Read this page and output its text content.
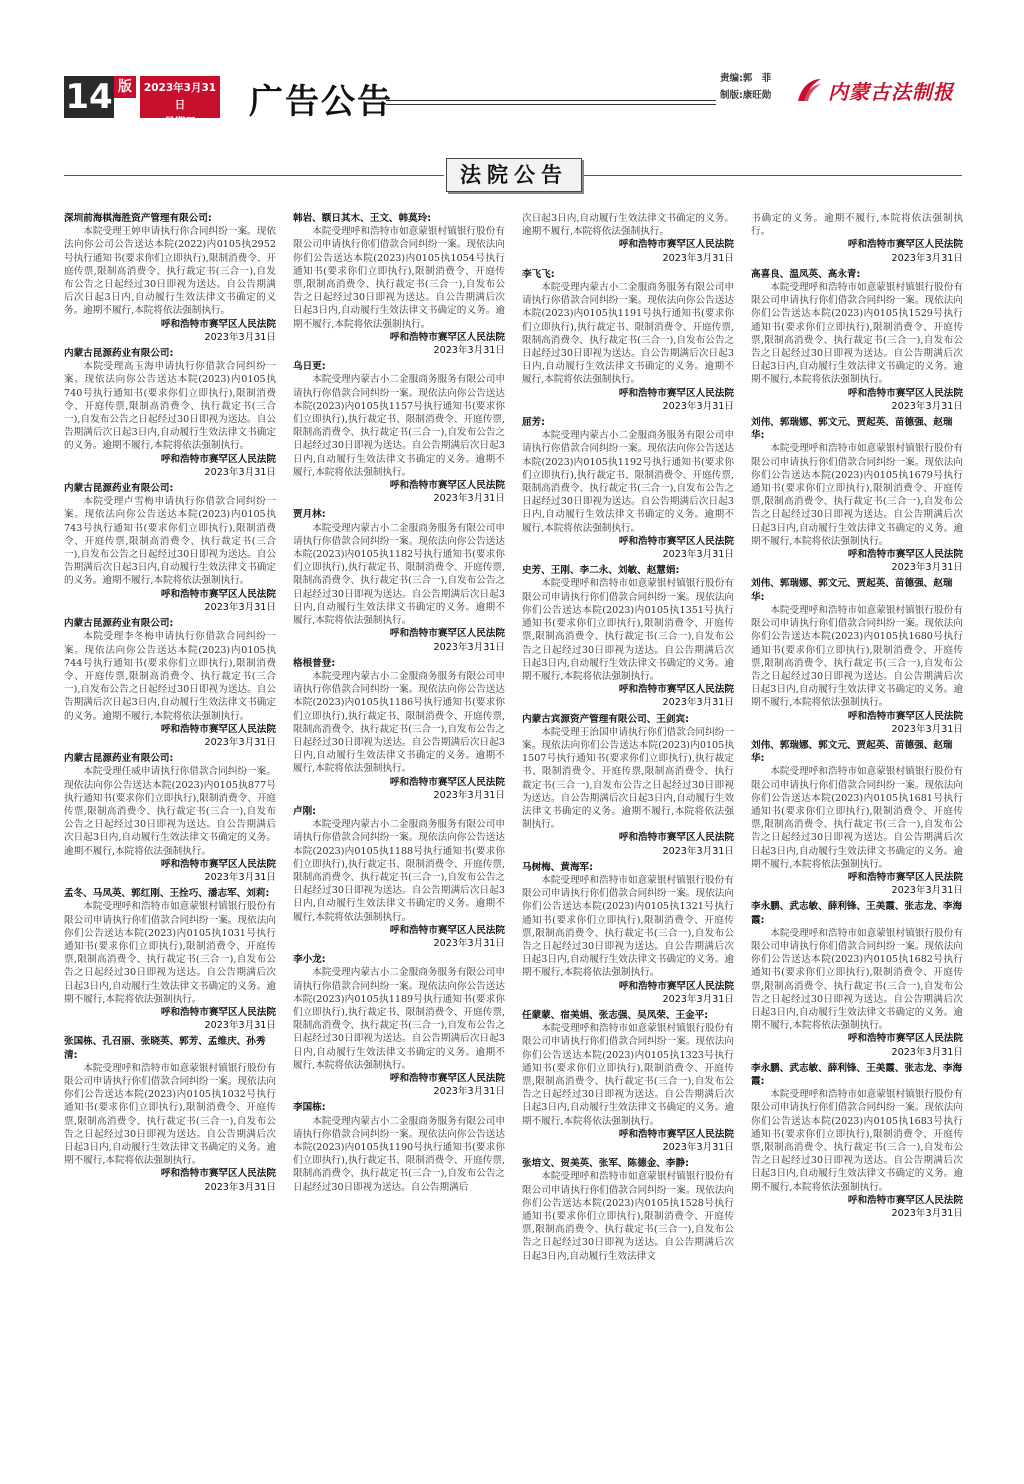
14 版	2023年3月31日
星期五	广告公告
责编:郭　菲
制版:康旺勋	内蒙古法制报
法院公告
深圳前海棋海胜资产管理有限公司:

本院受理王婷申请执行你合同纠纷一案。现依法向你公司公告送达本院(2022)内0105执2952号执行通知书(要求你们立即执行),限制消费令、开庭传票,限制高消费令、执行裁定书(三合一),自发布公告之日起经过30日即视为送达。自公告期满后次日起3日内,自动履行生效法律文书确定的义务。逾期不履行,本院将依法强制执行。

呼和浩特市赛罕区人民法院
2023年3月31日
内蒙古昆源药业有限公司:

本院受理高玉海申请执行你借款合同纠纷一案。现依法向你公告送达本院(2023)内0105执740号执行通知书(要求你们立即执行),限制消费令、开庭传票,限制高消费令、执行裁定书(三合一),自发布公告之日起经过30日即视为送达。自公告期满后次日起3日内,自动履行生效法律文书确定的义务。逾期不履行,本院将依法强制执行。

呼和浩特市赛罕区人民法院
2023年3月31日
内蒙古昆源药业有限公司:

本院受理卢雪梅申请执行你借款合同纠纷一案。现依法向你公告送达本院(2023)内0105执743号执行通知书(要求你们立即执行),限制消费令、开庭传票,限制高消费令、执行裁定书(三合一),自发布公告之日起经过30日即视为送达。自公告期满后次日起3日内,自动履行生效法律文书确定的义务。逾期不履行,本院将依法强制执行。

呼和浩特市赛罕区人民法院
2023年3月31日
内蒙古昆源药业有限公司:

本院受理李冬梅申请执行你借款合同纠纷一案。现依法向你公告送达本院(2023)内0105执744号执行通知书(要求你们立即执行),限制消费令、开庭传票,限制高消费令、执行裁定书(三合一),自发布公告之日起经过30日即视为送达。自公告期满后次日起3日内,自动履行生效法律文书确定的义务。逾期不履行,本院将依法强制执行。

呼和浩特市赛罕区人民法院
2023年3月31日
内蒙古昆源药业有限公司:

本院受理任威申请执行你借款合同纠纷一案。现依法向你公告送达本院(2023)内0105执877号执行通知书(要求你们立即执行),限制消费令、开庭传票,限制高消费令、执行裁定书(三合一),自发布公告之日起经过30日即视为送达。自公告期满后次日起3日内,自动履行生效法律文书确定的义务。逾期不履行,本院将依法强制执行。

呼和浩特市赛罕区人民法院
2023年3月31日
孟冬、马凤英、郭红刚、王拴巧、潘志军、刘莉:

本院受理呼和浩特市如意蒙银村镇银行股份有限公司申请执行你们借款合同纠纷一案。现依法向你们公告送达本院(2023)内0105执1031号执行通知书(要求你们立即执行),限制消费令、开庭传票,限制高消费令、执行裁定书(三合一),自发布公告之日起经过30日即视为送达。自公告期满后次日起3日内,自动履行生效法律文书确定的义务。逾期不履行,本院将依法强制执行。

呼和浩特市赛罕区人民法院
2023年3月31日
张国栋、孔召丽、张晓英、郭芳、孟维庆、孙秀清:

本院受理呼和浩特市如意蒙银村镇银行股份有限公司申请执行你们借款合同纠纷一案。现依法向你们公告送达本院(2023)内0105执1032号执行通知书(要求你们立即执行),限制消费令、开庭传票,限制高消费令、执行裁定书(三合一),自发布公告之日起经过30日即视为送达。自公告期满后次日起3日内,自动履行生效法律文书确定的义务。逾期不履行,本院将依法强制执行。

呼和浩特市赛罕区人民法院
2023年3月31日
韩岩、额日其木、王文、韩莫玲:

本院受理呼和浩特市如意蒙银村镇银行股份有限公司申请执行你们借款合同纠纷一案。现依法向你们公告送达本院(2023)内0105执1054号执行通知书(要求你们立即执行),限制消费令、开庭传票,限制高消费令、执行裁定书(三合一),自发布公告之日起经过30日即视为送达。自公告期满后次日起3日内,自动履行生效法律文书确定的义务。逾期不履行,本院将依法强制执行。

呼和浩特市赛罕区人民法院
2023年3月31日
乌日更:

本院受理内蒙古小二金服商务服务有限公司申请执行你借款合同纠纷一案。现依法向你公告送达本院(2023)内0105执1157号执行通知书(要求你们立即执行),执行裁定书、限制消费令、开庭传票,限制高消费令、执行裁定书(三合一),自发布公告之日起经过30日即视为送达。自公告期满后次日起3日内,自动履行生效法律文书确定的义务。逾期不履行,本院将依法强制执行。

呼和浩特市赛罕区人民法院
2023年3月31日
贾月林:

本院受理内蒙古小二金服商务服务有限公司申请执行你借款合同纠纷一案。现依法向你公告送达本院(2023)内0105执1182号执行通知书(要求你们立即执行),执行裁定书、限制消费令、开庭传票,限制高消费令、执行裁定书(三合一),自发布公告之日起经过30日即视为送达。自公告期满后次日起3日内,自动履行生效法律文书确定的义务。逾期不履行,本院将依法强制执行。

呼和浩特市赛罕区人民法院
2023年3月31日
格根普登:

本院受理内蒙古小二金服商务服务有限公司申请执行你借款合同纠纷一案。现依法向你公告送达本院(2023)内0105执1186号执行通知书(要求你们立即执行),执行裁定书、限制消费令、开庭传票,限制高消费令、执行裁定书(三合一),自发布公告之日起经过30日即视为送达。自公告期满后次日起3日内,自动履行生效法律文书确定的义务。逾期不履行,本院将依法强制执行。

呼和浩特市赛罕区人民法院
2023年3月31日
卢刚:

本院受理内蒙古小二金服商务服务有限公司申请执行你借款合同纠纷一案。现依法向你公告送达本院(2023)内0105执1188号执行通知书(要求你们立即执行),执行裁定书、限制消费令、开庭传票,限制高消费令、执行裁定书(三合一),自发布公告之日起经过30日即视为送达。自公告期满后次日起3日内,自动履行生效法律文书确定的义务。逾期不履行,本院将依法强制执行。

呼和浩特市赛罕区人民法院
2023年3月31日
李小龙:

本院受理内蒙古小二金服商务服务有限公司申请执行你借款合同纠纷一案。现依法向你公告送达本院(2023)内0105执1189号执行通知书(要求你们立即执行),执行裁定书、限制消费令、开庭传票,限制高消费令、执行裁定书(三合一),自发布公告之日起经过30日即视为送达。自公告期满后次日起3日内,自动履行生效法律文书确定的义务。逾期不履行,本院将依法强制执行。

呼和浩特市赛罕区人民法院
2023年3月31日
李国栋:

本院受理内蒙古小二金服商务服务有限公司申请执行你借款合同纠纷一案。现依法向你公告送达本院(2023)内0105执1190号执行通知书(要求你们立即执行),执行裁定书、限制消费令、开庭传票,限制高消费令、执行裁定书(三合一),自发布公告之日起经过30日即视为送达。自公告期满后

次日起3日内,自动履行生效法律文书确定的义务。逾期不履行,本院将依法强制执行。

呼和浩特市赛罕区人民法院
2023年3月31日
李飞飞:

本院受理内蒙古小二金服商务服务有限公司申请执行你借款合同纠纷一案。现依法向你公告送达本院(2023)内0105执1191号执行通知书(要求你们立即执行),执行裁定书、限制消费令、开庭传票,限制高消费令、执行裁定书(三合一),自发布公告之日起经过30日即视为送达。自公告期满后次日起3日内,自动履行生效法律文书确定的义务。逾期不履行,本院将依法强制执行。

呼和浩特市赛罕区人民法院
2023年3月31日
屈芳:

本院受理内蒙古小二金服商务服务有限公司申请执行你借款合同纠纷一案。现依法向你公告送达本院(2023)内0105执1192号执行通知书(要求你们立即执行),执行裁定书、限制消费令、开庭传票,限制高消费令、执行裁定书(三合一),自发布公告之日起经过30日即视为送达。自公告期满后次日起3日内,自动履行生效法律文书确定的义务。逾期不履行,本院将依法强制执行。

呼和浩特市赛罕区人民法院
2023年3月31日
史芳、王刚、李二永、刘敏、赵慧娟:

本院受理呼和浩特市如意蒙银村镇银行股份有限公司申请执行你们借款合同纠纷一案。现依法向你们公告送达本院(2023)内0105执1351号执行通知书(要求你们立即执行),限制消费令、开庭传票,限制高消费令、执行裁定书(三合一),自发布公告之日起经过30日即视为送达。自公告期满后次日起3日内,自动履行生效法律文书确定的义务。逾期不履行,本院将依法强制执行。

呼和浩特市赛罕区人民法院
2023年3月31日
内蒙古宾源资产管理有限公司、王剑宾:

本院受理王治国申请执行你们借款合同纠纷一案。现依法向你们公告送达本院(2023)内0105执1507号执行通知书(要求你们立即执行),执行裁定书、限制消费令、开庭传票,限制高消费令、执行裁定书(三合一),自发布公告之日起经过30日即视为送达。自公告期满后次日起3日内,自动履行生效法律文书确定的义务。逾期不履行,本院将依法强制执行。

呼和浩特市赛罕区人民法院
2023年3月31日
马树梅、黄海军:

本院受理呼和浩特市如意蒙银村镇银行股份有限公司申请执行你们借款合同纠纷一案。现依法向你们公告送达本院(2023)内0105执1321号执行通知书(要求你们立即执行),限制消费令、开庭传票,限制高消费令、执行裁定书(三合一),自发布公告之日起经过30日即视为送达。自公告期满后次日起3日内,自动履行生效法律文书确定的义务。逾期不履行,本院将依法强制执行。

呼和浩特市赛罕区人民法院
2023年3月31日
任蒙蒙、宿美娟、张志强、吴凤荣、王金平:

本院受理呼和浩特市如意蒙银村镇银行股份有限公司申请执行你们借款合同纠纷一案。现依法向你们公告送达本院(2023)内0105执1323号执行通知书(要求你们立即执行),限制消费令、开庭传票,限制高消费令、执行裁定书(三合一),自发布公告之日起经过30日即视为送达。自公告期满后次日起3日内,自动履行生效法律文书确定的义务。逾期不履行,本院将依法强制执行。

呼和浩特市赛罕区人民法院
2023年3月31日
张培文、贺美英、张军、陈德金、李静:

本院受理呼和浩特市如意蒙银村镇银行股份有限公司申请执行你们借款合同纠纷一案。现依法向你们公告送达本院(2023)内0105执1528号执行通知书(要求你们立即执行),限制消费令、开庭传票,限制高消费令、执行裁定书(三合一),自发布公告之日起经过30日即视为送达。自公告期满后次日起3日内,自动履行生效法律文

书确定的义务。逾期不履行,本院将依法强制执行。

呼和浩特市赛罕区人民法院
2023年3月31日
高喜良、温凤英、高永青:

本院受理呼和浩特市如意蒙银村镇银行股份有限公司申请执行你们借款合同纠纷一案。现依法向你们公告送达本院(2023)内0105执1529号执行通知书(要求你们立即执行),限制消费令、开庭传票,限制高消费令、执行裁定书(三合一),自发布公告之日起经过30日即视为送达。自公告期满后次日起3日内,自动履行生效法律文书确定的义务。逾期不履行,本院将依法强制执行。

呼和浩特市赛罕区人民法院
2023年3月31日
刘伟、郭瑞娜、郭文元、贾起英、苗德强、赵瑞华:

本院受理呼和浩特市如意蒙银村镇银行股份有限公司申请执行你们借款合同纠纷一案。现依法向你们公告送达本院(2023)内0105执1679号执行通知书(要求你们立即执行),限制消费令、开庭传票,限制高消费令、执行裁定书(三合一),自发布公告之日起经过30日即视为送达。自公告期满后次日起3日内,自动履行生效法律文书确定的义务。逾期不履行,本院将依法强制执行。

呼和浩特市赛罕区人民法院
2023年3月31日
刘伟、郭瑞娜、郭文元、贾起英、苗德强、赵瑞华:

本院受理呼和浩特市如意蒙银村镇银行股份有限公司申请执行你们借款合同纠纷一案。现依法向你们公告送达本院(2023)内0105执1680号执行通知书(要求你们立即执行),限制消费令、开庭传票,限制高消费令、执行裁定书(三合一),自发布公告之日起经过30日即视为送达。自公告期满后次日起3日内,自动履行生效法律文书确定的义务。逾期不履行,本院将依法强制执行。

呼和浩特市赛罕区人民法院
2023年3月31日
刘伟、郭瑞娜、郭文元、贾起英、苗德强、赵瑞华:

本院受理呼和浩特市如意蒙银村镇银行股份有限公司申请执行你们借款合同纠纷一案。现依法向你们公告送达本院(2023)内0105执1681号执行通知书(要求你们立即执行),限制消费令、开庭传票,限制高消费令、执行裁定书(三合一),自发布公告之日起经过30日即视为送达。自公告期满后次日起3日内,自动履行生效法律文书确定的义务。逾期不履行,本院将依法强制执行。

呼和浩特市赛罕区人民法院
2023年3月31日
李永鹏、武志敏、薛利锋、王美霞、张志龙、李海霞:

本院受理呼和浩特市如意蒙银村镇银行股份有限公司申请执行你们借款合同纠纷一案。现依法向你们公告送达本院(2023)内0105执1682号执行通知书(要求你们立即执行),限制消费令、开庭传票,限制高消费令、执行裁定书(三合一),自发布公告之日起经过30日即视为送达。自公告期满后次日起3日内,自动履行生效法律文书确定的义务。逾期不履行,本院将依法强制执行。

呼和浩特市赛罕区人民法院
2023年3月31日
李永鹏、武志敏、薛利锋、王美霞、张志龙、李海霞:

本院受理呼和浩特市如意蒙银村镇银行股份有限公司申请执行你们借款合同纠纷一案。现依法向你们公告送达本院(2023)内0105执1683号执行通知书(要求你们立即执行),限制消费令、开庭传票,限制高消费令、执行裁定书(三合一),自发布公告之日起经过30日即视为送达。自公告期满后次日起3日内,自动履行生效法律文书确定的义务。逾期不履行,本院将依法强制执行。

呼和浩特市赛罕区人民法院
2023年3月31日
